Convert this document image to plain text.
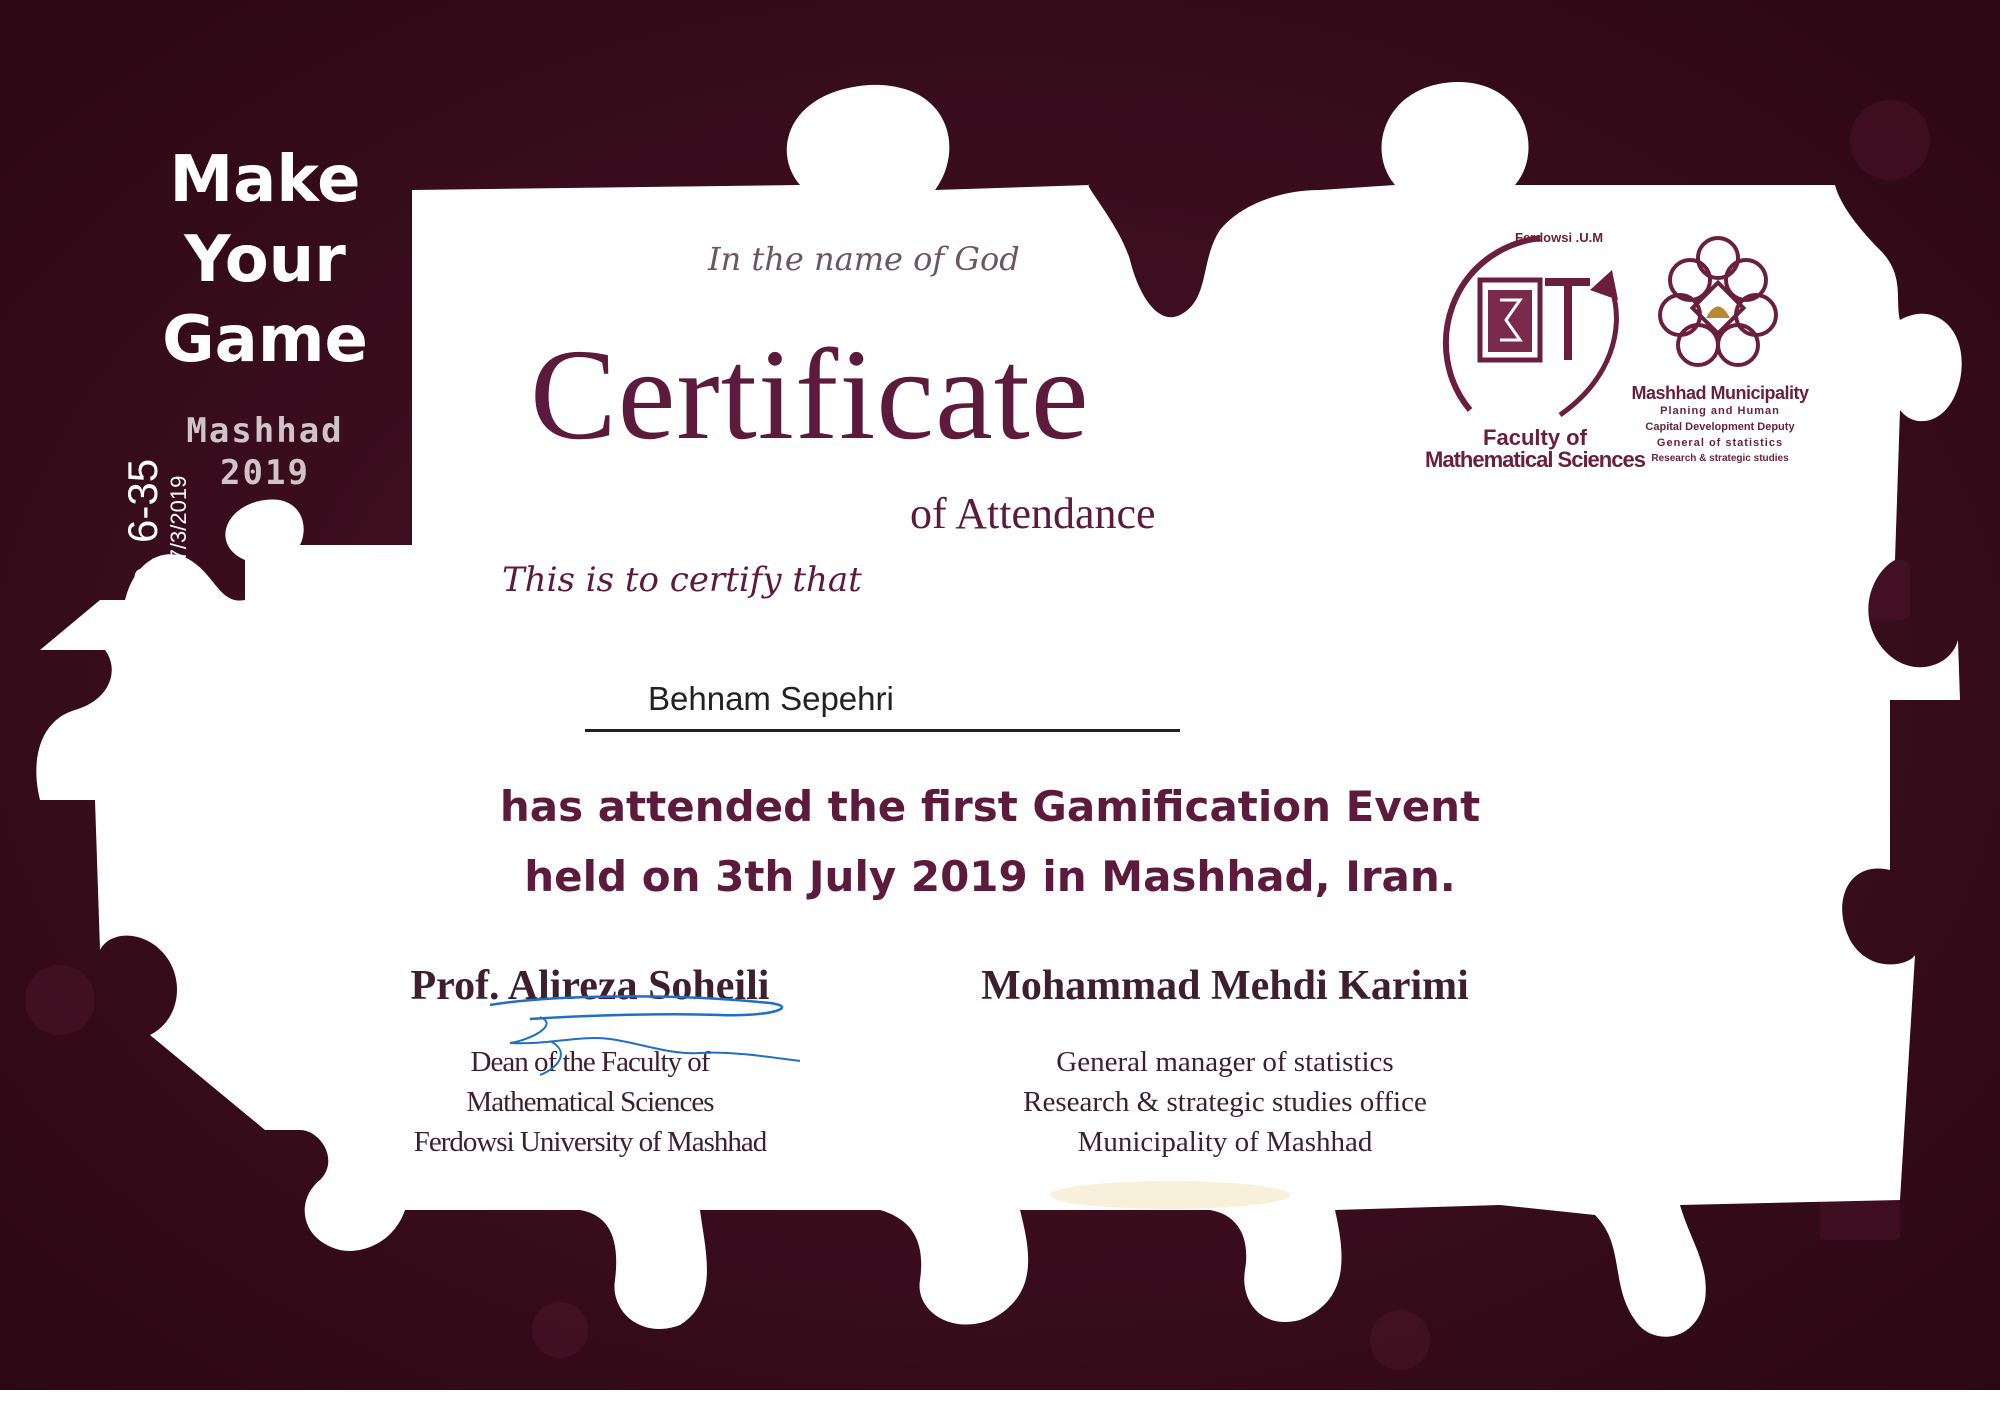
Make
Your
Game
Mashhad
2019
No. 6-35 Date: 7/3/2019
In the name of God
Certificate
of Attendance
This is to certify that
Behnam Sepehri
has attended the first Gamification Event
held on 3th July 2019 in Mashhad, Iran.
Prof. Alireza Soheili
Dean of the Faculty of
Mathematical Sciences
Ferdowsi University of Mashhad
Mohammad Mehdi Karimi
General manager of statistics
Research & strategic studies office
Municipality of Mashhad
Ferdowsi .U.M
Faculty of
Mathematical Sciences
Mashhad Municipality
Planing and Human
Capital Development Deputy
General of statistics
Research & strategic studies
